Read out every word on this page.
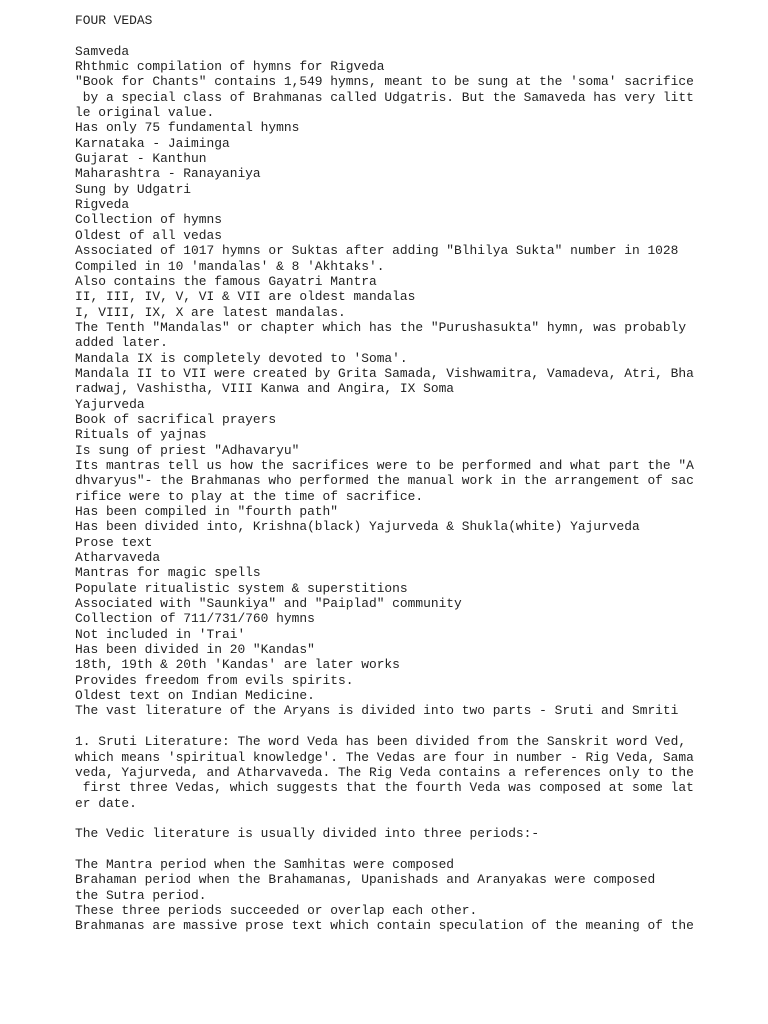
FOUR VEDAS
Samveda
Rhthmic compilation of hymns for Rigveda
"Book for Chants" contains 1,549 hymns, meant to be sung at the 'soma' sacrifice
by a special class of Brahmanas called Udgatris. But the Samaveda has very litt
le original value.
Has only 75 fundamental hymns
Karnataka - Jaiminga
Gujarat - Kanthun
Maharashtra - Ranayaniya
Sung by Udgatri
Rigveda
Collection of hymns
Oldest of all vedas
Associated of 1017 hymns or Suktas after adding "Blhilya Sukta" number in 1028
Compiled in 10 'mandalas' & 8 'Akhtaks'.
Also contains the famous Gayatri Mantra
II, III, IV, V, VI & VII are oldest mandalas
I, VIII, IX, X are latest mandalas.
The Tenth "Mandalas" or chapter which has the "Purushasukta" hymn, was probably
added later.
Mandala IX is completely devoted to 'Soma'.
Mandala II to VII were created by Grita Samada, Vishwamitra, Vamadeva, Atri, Bha
radwaj, Vashistha, VIII Kanwa and Angira, IX Soma
Yajurveda
Book of sacrifical prayers
Rituals of yajnas
Is sung of priest "Adhavaryu"
Its mantras tell us how the sacrifices were to be performed and what part the "A
dhvaryus"- the Brahmanas who performed the manual work in the arrangement of sac
rifice were to play at the time of sacrifice.
Has been compiled in "fourth path"
Has been divided into, Krishna(black) Yajurveda & Shukla(white) Yajurveda
Prose text
Atharvaveda
Mantras for magic spells
Populate ritualistic system & superstitions
Associated with "Saunkiya" and "Paiplad" community
Collection of 711/731/760 hymns
Not included in 'Trai'
Has been divided in 20 "Kandas"
18th, 19th & 20th 'Kandas' are later works
Provides freedom from evils spirits.
Oldest text on Indian Medicine.
The vast literature of the Aryans is divided into two parts - Sruti and Smriti
1. Sruti Literature: The word Veda has been divided from the Sanskrit word Ved,
which means 'spiritual knowledge'. The Vedas are four in number - Rig Veda, Sama
veda, Yajurveda, and Atharvaveda. The Rig Veda contains a references only to the
first three Vedas, which suggests that the fourth Veda was composed at some lat
er date.
The Vedic literature is usually divided into three periods:-
The Mantra period when the Samhitas were composed
Brahaman period when the Brahamanas, Upanishads and Aranyakas were composed
the Sutra period.
These three periods succeeded or overlap each other.
Brahmanas are massive prose text which contain speculation of the meaning of the
